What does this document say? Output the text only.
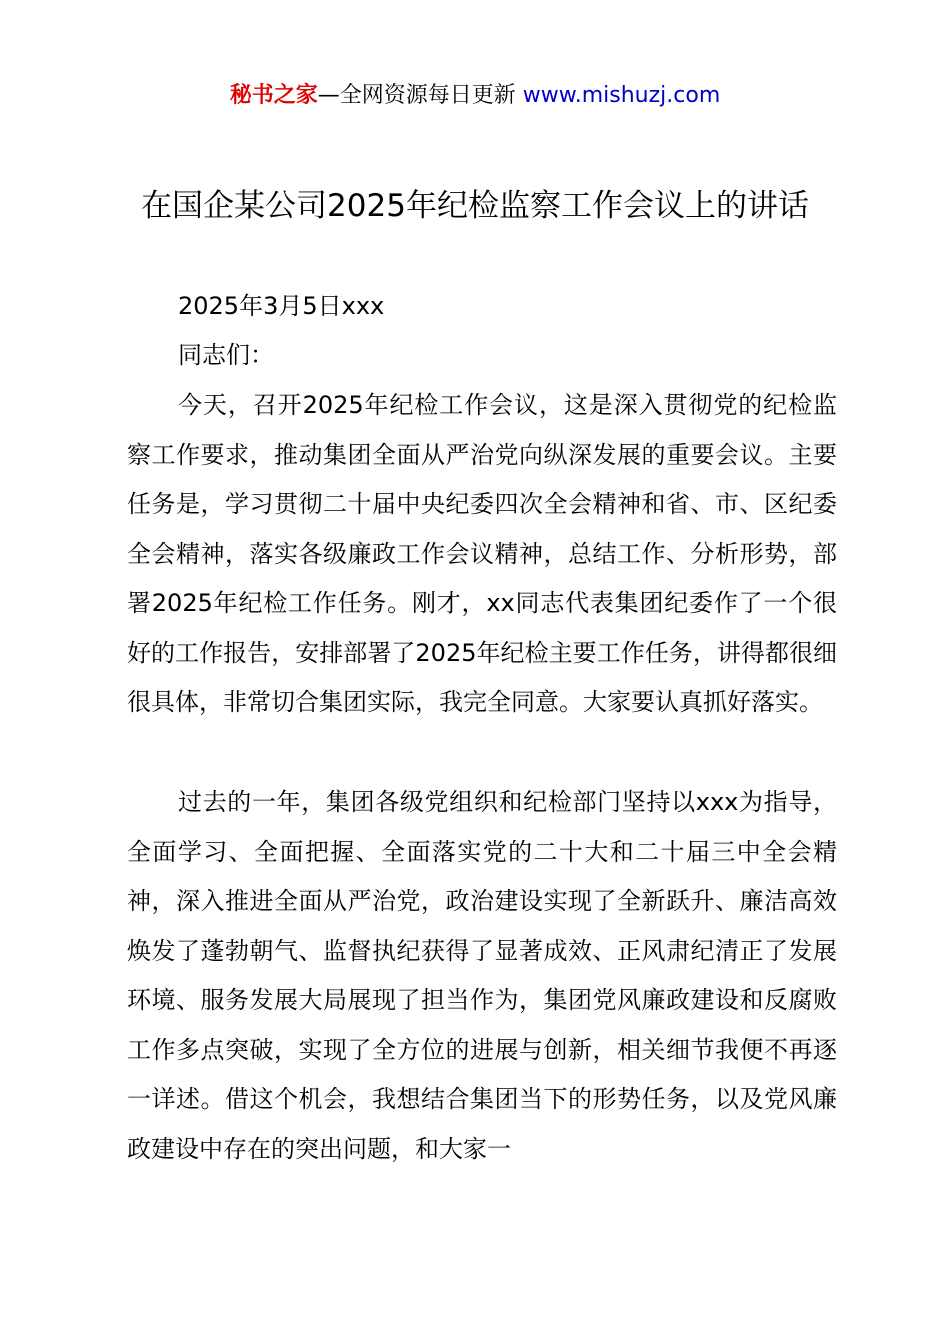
秘书之家—全网资源每日更新 www.mishuzj.com
在国企某公司2025年纪检监察工作会议上的讲话

2025年3月5日xxx

同志们：

今天，召开2025年纪检工作会议，这是深入贯彻党的纪检监察工作要求，推动集团全面从严治党向纵深发展的重要会议。主要任务是，学习贯彻二十届中央纪委四次全会精神和省、市、区纪委全会精神，落实各级廉政工作会议精神，总结工作、分析形势，部署2025年纪检工作任务。刚才，xx同志代表集团纪委作了一个很好的工作报告，安排部署了2025年纪检主要工作任务，讲得都很细很具体，非常切合集团实际，我完全同意。大家要认真抓好落实。

过去的一年，集团各级党组织和纪检部门坚持以xxx为指导，全面学习、全面把握、全面落实党的二十大和二十届三中全会精神，深入推进全面从严治党，政治建设实现了全新跃升、廉洁高效焕发了蓬勃朝气、监督执纪获得了显著成效、正风肃纪清正了发展环境、服务发展大局展现了担当作为，集团党风廉政建设和反腐败工作多点突破，实现了全方位的进展与创新，相关细节我便不再逐一详述。借这个机会，我想结合集团当下的形势任务，以及党风廉政建设中存在的突出问题，和大家一
